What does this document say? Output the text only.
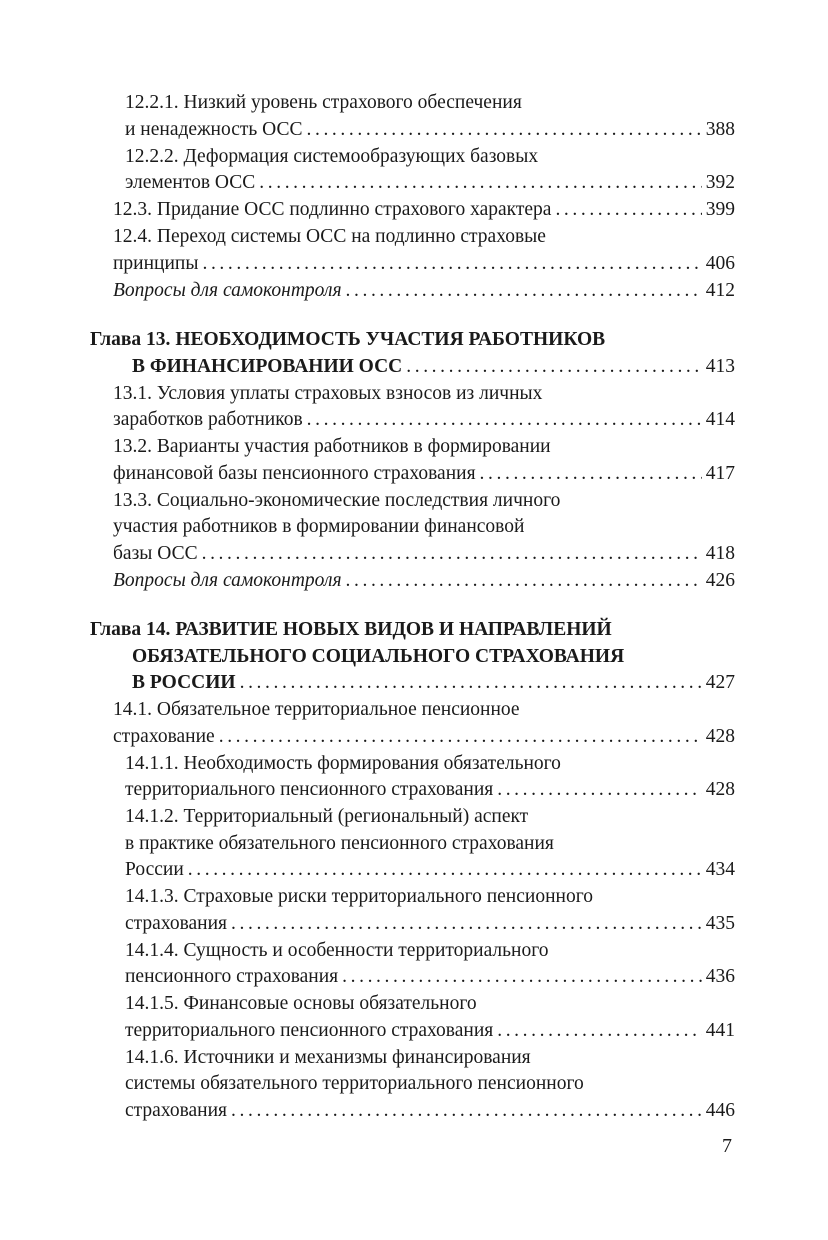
12.2.1. Низкий уровень страхового обеспечения
и ненадежность ОСС .....	388
12.2.2. Деформация системообразующих базовых
элементов ОСС .....	392
12.3. Придание ОСС подлинно страхового характера .....	399
12.4. Переход системы ОСС на подлинно страховые
принципы .....	406
Вопросы для самоконтроля .....	412
Глава 13. НЕОБХОДИМОСТЬ УЧАСТИЯ РАБОТНИКОВ
В ФИНАНСИРОВАНИИ ОСС .....	413
13.1. Условия уплаты страховых взносов из личных
заработков работников .....	414
13.2. Варианты участия работников в формировании
финансовой базы пенсионного страхования .....	417
13.3. Социально-экономические последствия личного
участия работников в формировании финансовой
базы ОСС .....	418
Вопросы для самоконтроля .....	426
Глава 14. РАЗВИТИЕ НОВЫХ ВИДОВ И НАПРАВЛЕНИЙ
ОБЯЗАТЕЛЬНОГО СОЦИАЛЬНОГО СТРАХОВАНИЯ
В РОССИИ .....	427
14.1. Обязательное территориальное пенсионное
страхование .....	428
14.1.1. Необходимость формирования обязательного
территориального пенсионного страхования .....	428
14.1.2. Территориальный (региональный) аспект
в практике обязательного пенсионного страхования
России .....	434
14.1.3. Страховые риски территориального пенсионного
страхования .....	435
14.1.4. Сущность и особенности территориального
пенсионного страхования .....	436
14.1.5. Финансовые основы обязательного
территориального пенсионного страхования .....	441
14.1.6. Источники и механизмы финансирования
системы обязательного территориального пенсионного
страхования .....	446
7
